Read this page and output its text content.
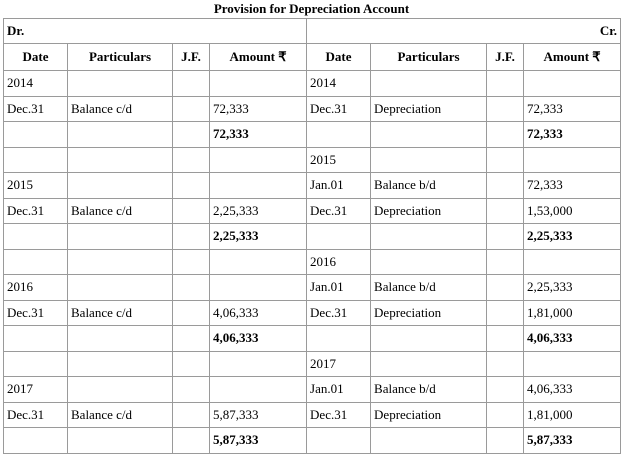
Provision for Depreciation Account
Dr.				Cr.			
Date	Particulars	J.F.	Amount ₹	Date	Particulars	J.F.	Amount ₹
2014				2014			
Dec.31	Balance c/d		72,333	Dec.31	Depreciation		72,333
			72,333				72,333
				2015			
2015				Jan.01	Balance b/d		72,333
Dec.31	Balance c/d		2,25,333	Dec.31	Depreciation		1,53,000
			2,25,333				2,25,333
				2016			
2016				Jan.01	Balance b/d		2,25,333
Dec.31	Balance c/d		4,06,333	Dec.31	Depreciation		1,81,000
			4,06,333				4,06,333
				2017			
2017				Jan.01	Balance b/d		4,06,333
Dec.31	Balance c/d		5,87,333	Dec.31	Depreciation		1,81,000
			5,87,333				5,87,333
